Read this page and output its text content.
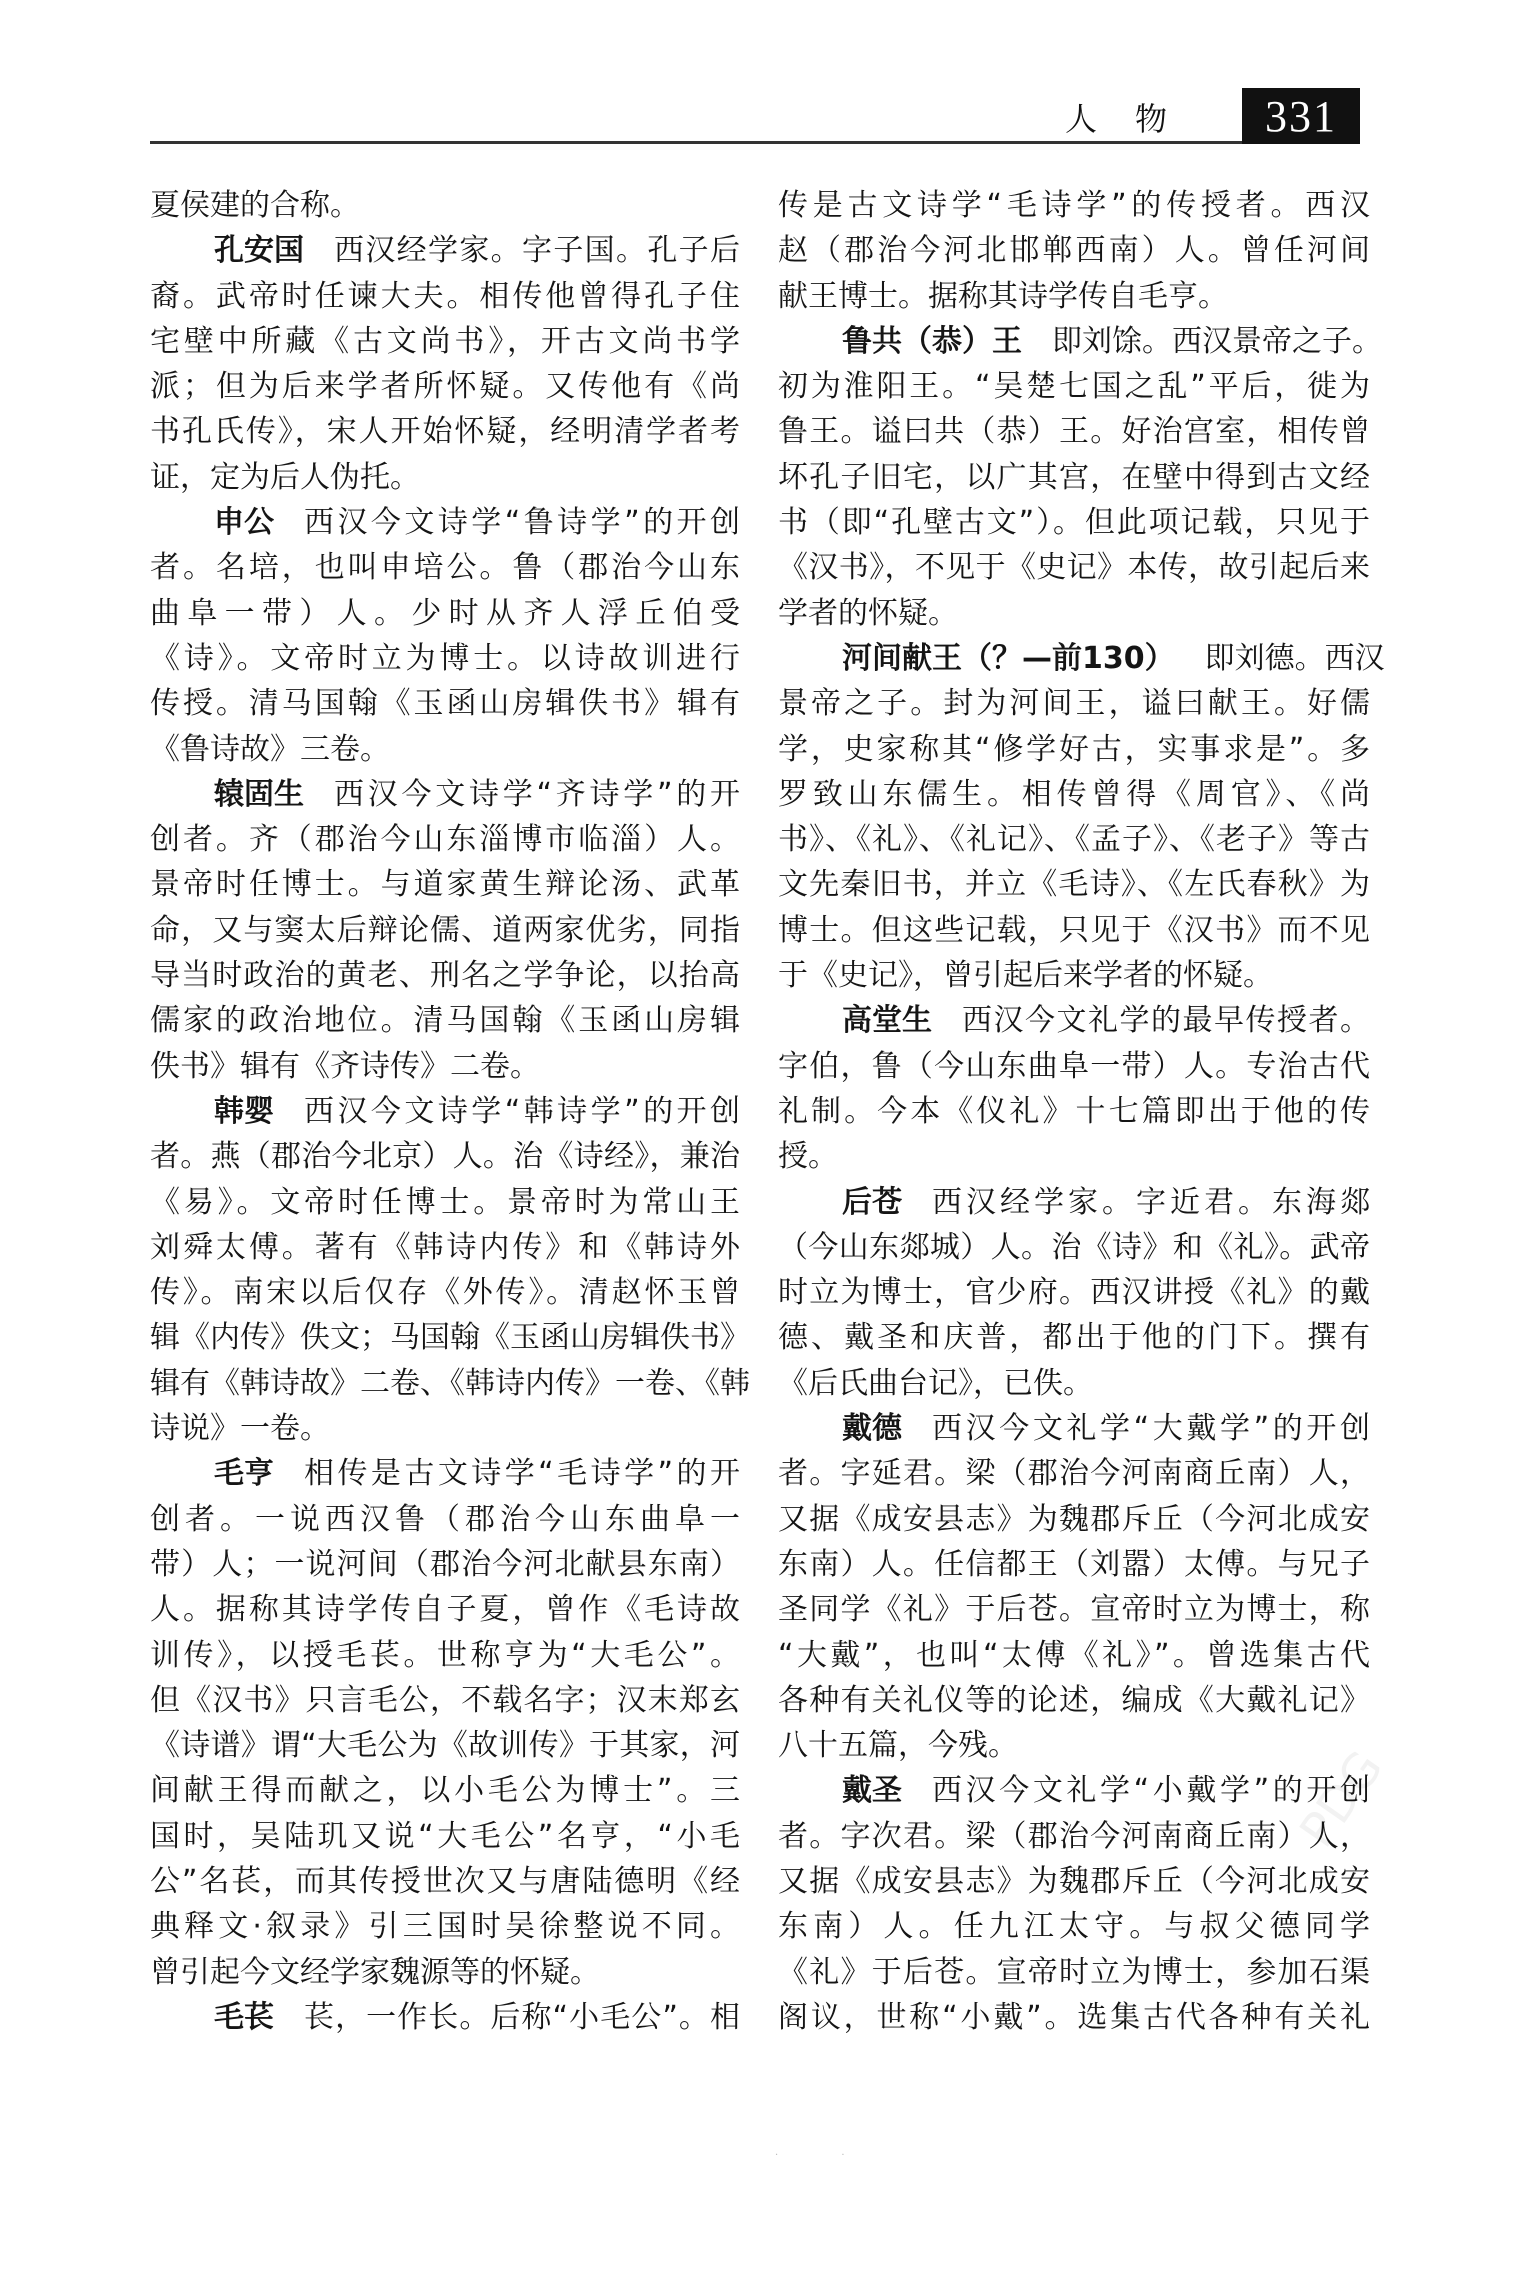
人物	331
夏侯建的合称。
孔安国 西汉经学家。字子国。孔子后
裔。武帝时任谏大夫。相传他曾得孔子住
宅壁中所藏《古文尚书》，开古文尚书学
派；但为后来学者所怀疑。又传他有《尚
书孔氏传》，宋人开始怀疑，经明清学者考
证，定为后人伪托。
申公 西汉今文诗学“鲁诗学”的开创
者。名培，也叫申培公。鲁（郡治今山东
曲阜一带）人。少时从齐人浮丘伯受
《诗》。文帝时立为博士。以诗故训进行
传授。清马国翰《玉函山房辑佚书》辑有
《鲁诗故》三卷。
辕固生 西汉今文诗学“齐诗学”的开
创者。齐（郡治今山东淄博市临淄）人。
景帝时任博士。与道家黄生辩论汤、武革
命，又与窦太后辩论儒、道两家优劣，同指
导当时政治的黄老、刑名之学争论，以抬高
儒家的政治地位。清马国翰《玉函山房辑
佚书》辑有《齐诗传》二卷。
韩婴 西汉今文诗学“韩诗学”的开创
者。燕（郡治今北京）人。治《诗经》，兼治
《易》。文帝时任博士。景帝时为常山王
刘舜太傅。著有《韩诗内传》和《韩诗外
传》。南宋以后仅存《外传》。清赵怀玉曾
辑《内传》佚文；马国翰《玉函山房辑佚书》
辑有《韩诗故》二卷、《韩诗内传》一卷、《韩
诗说》一卷。
毛亨 相传是古文诗学“毛诗学”的开
创者。一说西汉鲁（郡治今山东曲阜一
带）人；一说河间（郡治今河北献县东南）
人。据称其诗学传自子夏，曾作《毛诗故
训传》，以授毛苌。世称亨为“大毛公”。
但《汉书》只言毛公，不载名字；汉末郑玄
《诗谱》谓“大毛公为《故训传》于其家，河
间献王得而献之，以小毛公为博士”。三
国时，吴陆玑又说“大毛公”名亨，“小毛
公”名苌，而其传授世次又与唐陆德明《经
典释文·叙录》引三国时吴徐整说不同。
曾引起今文经学家魏源等的怀疑。
毛苌 苌，一作长。后称“小毛公”。相
传是古文诗学“毛诗学”的传授者。西汉
赵（郡治今河北邯郸西南）人。曾任河间
献王博士。据称其诗学传自毛亨。
鲁共（恭）王 即刘馀。西汉景帝之子。
初为淮阳王。“吴楚七国之乱”平后，徙为
鲁王。谥曰共（恭）王。好治宫室，相传曾
坏孔子旧宅，以广其宫，在壁中得到古文经
书（即“孔壁古文”）。但此项记载，只见于
《汉书》，不见于《史记》本传，故引起后来
学者的怀疑。
河间献王（？—前130） 即刘德。西汉
景帝之子。封为河间王，谥曰献王。好儒
学，史家称其“修学好古，实事求是”。多
罗致山东儒生。相传曾得《周官》、《尚
书》、《礼》、《礼记》、《孟子》、《老子》等古
文先秦旧书，并立《毛诗》、《左氏春秋》为
博士。但这些记载，只见于《汉书》而不见
于《史记》，曾引起后来学者的怀疑。
高堂生 西汉今文礼学的最早传授者。
字伯，鲁（今山东曲阜一带）人。专治古代
礼制。今本《仪礼》十七篇即出于他的传
授。
后苍 西汉经学家。字近君。东海郯
（今山东郯城）人。治《诗》和《礼》。武帝
时立为博士，官少府。西汉讲授《礼》的戴
德、戴圣和庆普，都出于他的门下。撰有
《后氏曲台记》，已佚。
戴德 西汉今文礼学“大戴学”的开创
者。字延君。梁（郡治今河南商丘南）人，
又据《成安县志》为魏郡斥丘（今河北成安
东南）人。任信都王（刘嚣）太傅。与兄子
圣同学《礼》于后苍。宣帝时立为博士，称
“大戴”，也叫“太傅《礼》”。曾选集古代
各种有关礼仪等的论述，编成《大戴礼记》
八十五篇，今残。
戴圣 西汉今文礼学“小戴学”的开创
者。字次君。梁（郡治今河南商丘南）人，
又据《成安县志》为魏郡斥丘（今河北成安
东南）人。任九江太守。与叔父德同学
《礼》于后苍。宣帝时立为博士，参加石渠
阁议，世称“小戴”。选集古代各种有关礼
PDG
· ·
